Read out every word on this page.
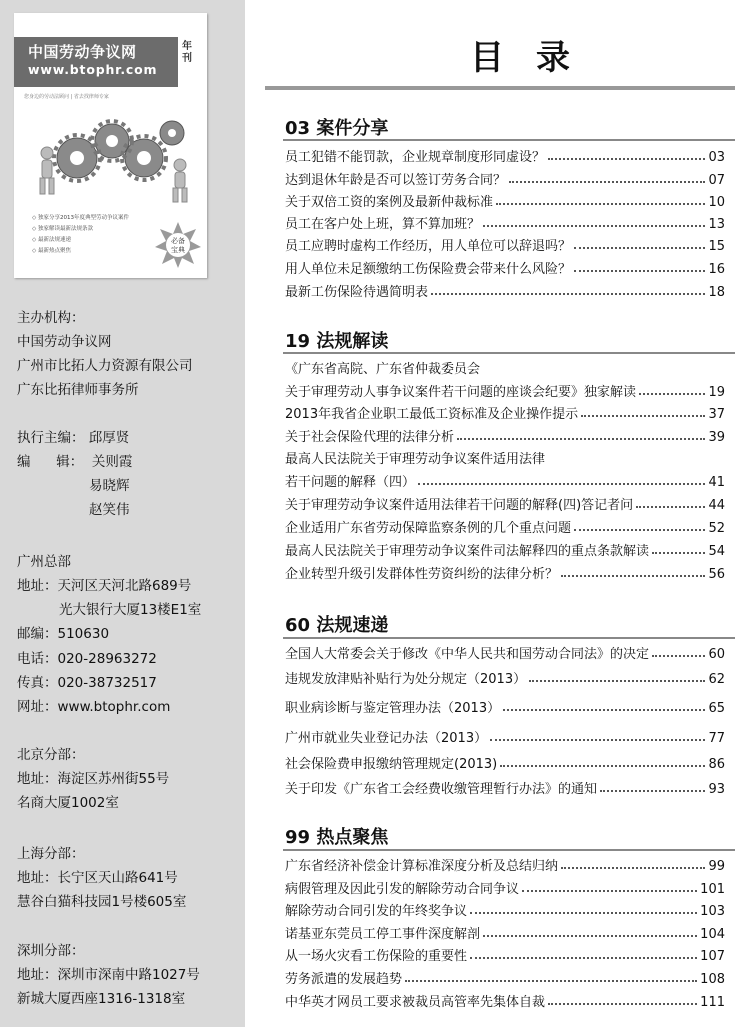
中国劳动争议网
www.btophr.com
年刊
您身边的劳动法顾问 | 省去找律师专家
◇ 独家分享2013年度典型劳动争议案件
◇ 独家解读最新法规条款
◇ 最新法规速递
◇ 最新热点聚焦
必备
宝典
主办机构：
中国劳动争议网
广州市比拓人力资源有限公司
广东比拓律师事务所
执行主编： 邱厚贤
编      辑：  关则霞
易晓辉
赵笑伟
广州总部
地址：天河区天河北路689号
光大银行大厦13楼E1室
邮编：510630
电话：020-28963272
传真：020-38732517
网址：www.btophr.com
北京分部：
地址：海淀区苏州街55号
名商大厦1002室
上海分部：
地址：长宁区天山路641号
慧谷白猫科技园1号楼605室
深圳分部：
地址：深圳市深南中路1027号
新城大厦西座1316-1318室
目录
03 案件分享
员工犯错不能罚款，企业规章制度形同虚设？	03
达到退休年龄是否可以签订劳务合同？	07
关于双倍工资的案例及最新仲裁标准	10
员工在客户处上班，算不算加班？	13
员工应聘时虚构工作经历，用人单位可以辞退吗？	15
用人单位未足额缴纳工伤保险费会带来什么风险？	16
最新工伤保险待遇简明表	18
19 法规解读
《广东省高院、广东省仲裁委员会
关于审理劳动人事争议案件若干问题的座谈会纪要》独家解读	19
2013年我省企业职工最低工资标准及企业操作提示	37
关于社会保险代理的法律分析	39
最高人民法院关于审理劳动争议案件适用法律
若干问题的解释（四）	41
关于审理劳动争议案件适用法律若干问题的解释(四)答记者问	44
企业适用广东省劳动保障监察条例的几个重点问题	52
最高人民法院关于审理劳动争议案件司法解释四的重点条款解读	54
企业转型升级引发群体性劳资纠纷的法律分析？	56
60 法规速递
全国人大常委会关于修改《中华人民共和国劳动合同法》的决定	60
违规发放津贴补贴行为处分规定（2013）	62
职业病诊断与鉴定管理办法（2013）	65
广州市就业失业登记办法（2013）	77
社会保险费申报缴纳管理规定(2013)	86
关于印发《广东省工会经费收缴管理暂行办法》的通知	93
99 热点聚焦
广东省经济补偿金计算标准深度分析及总结归纳	99
病假管理及因此引发的解除劳动合同争议	101
解除劳动合同引发的年终奖争议	103
诺基亚东莞员工停工事件深度解剖	104
从一场火灾看工伤保险的重要性	107
劳务派遣的发展趋势	108
中华英才网员工要求被裁员高管率先集体自裁	111
